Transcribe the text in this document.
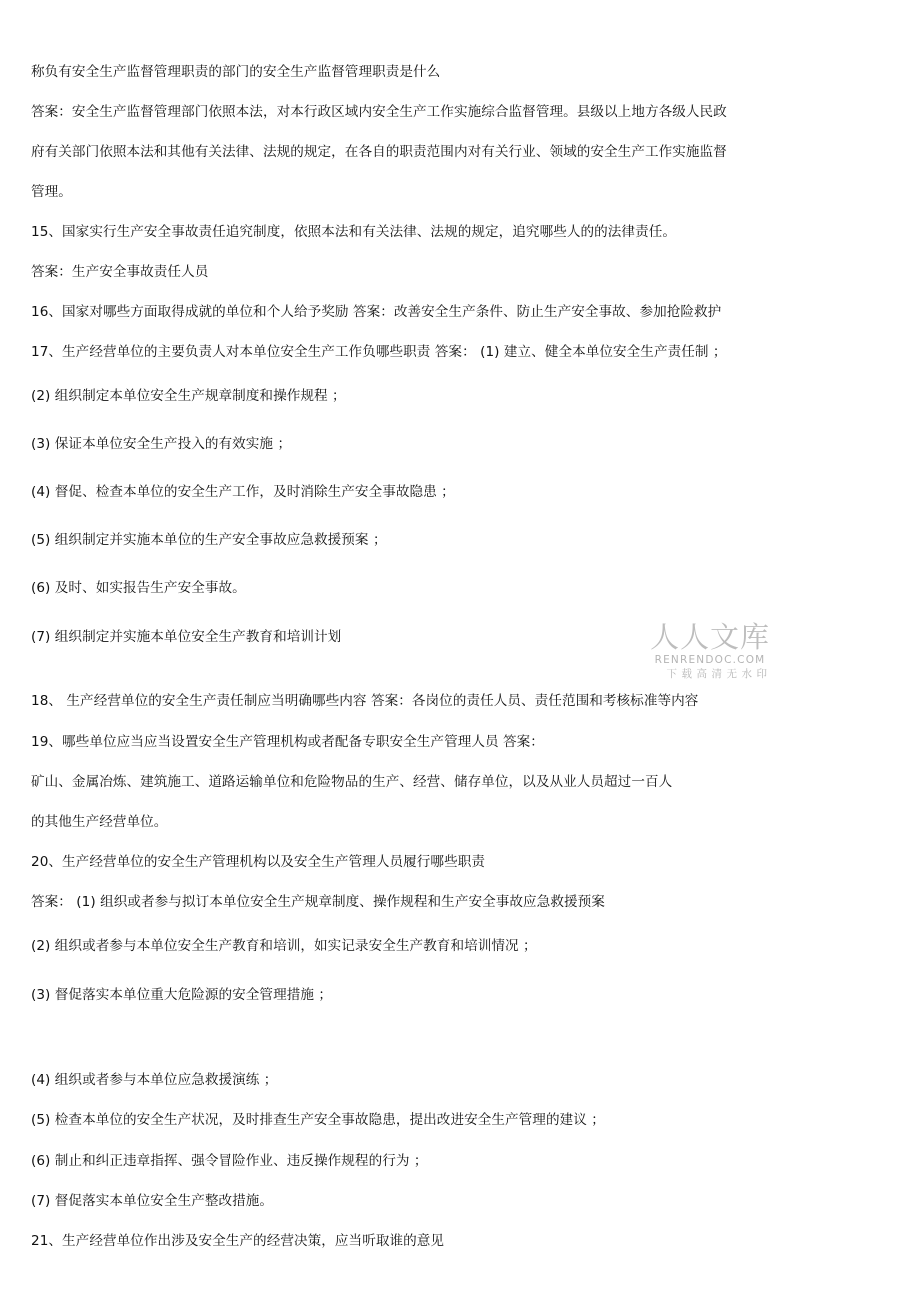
称负有安全生产监督管理职责的部门的安全生产监督管理职责是什么
答案：安全生产监督管理部门依照本法，对本行政区域内安全生产工作实施综合监督管理。县级以上地方各级人民政
府有关部门依照本法和其他有关法律、法规的规定，在各自的职责范围内对有关行业、领域的安全生产工作实施监督
管理。
15、国家实行生产安全事故责任追究制度，依照本法和有关法律、法规的规定，追究哪些人的的法律责任。
答案：生产安全事故责任人员
16、国家对哪些方面取得成就的单位和个人给予奖励 答案：改善安全生产条件、防止生产安全事故、参加抢险救护
17、生产经营单位的主要负责人对本单位安全生产工作负哪些职责 答案： (1) 建立、健全本单位安全生产责任制 ；
(2) 组织制定本单位安全生产规章制度和操作规程 ；
(3) 保证本单位安全生产投入的有效实施 ；
(4) 督促、检查本单位的安全生产工作，及时消除生产安全事故隐患 ；
(5) 组织制定并实施本单位的生产安全事故应急救援预案 ；
(6) 及时、如实报告生产安全事故。
(7) 组织制定并实施本单位安全生产教育和培训计划
18、 生产经营单位的安全生产责任制应当明确哪些内容 答案：各岗位的责任人员、责任范围和考核标准等内容
19、哪些单位应当应当设置安全生产管理机构或者配备专职安全生产管理人员 答案：
矿山、金属冶炼、建筑施工、道路运输单位和危险物品的生产、经营、储存单位，以及从业人员超过一百人
的其他生产经营单位。
20、生产经营单位的安全生产管理机构以及安全生产管理人员履行哪些职责
答案： (1) 组织或者参与拟订本单位安全生产规章制度、操作规程和生产安全事故应急救援预案
(2) 组织或者参与本单位安全生产教育和培训，如实记录安全生产教育和培训情况 ；
(3) 督促落实本单位重大危险源的安全管理措施 ；
(4) 组织或者参与本单位应急救援演练 ；
(5) 检查本单位的安全生产状况，及时排查生产安全事故隐患，提出改进安全生产管理的建议 ；
(6) 制止和纠正违章指挥、强令冒险作业、违反操作规程的行为 ；
(7) 督促落实本单位安全生产整改措施。
21、生产经营单位作出涉及安全生产的经营决策，应当听取谁的意见
人人文库
RENRENDOC.COM
下载高清无水印
